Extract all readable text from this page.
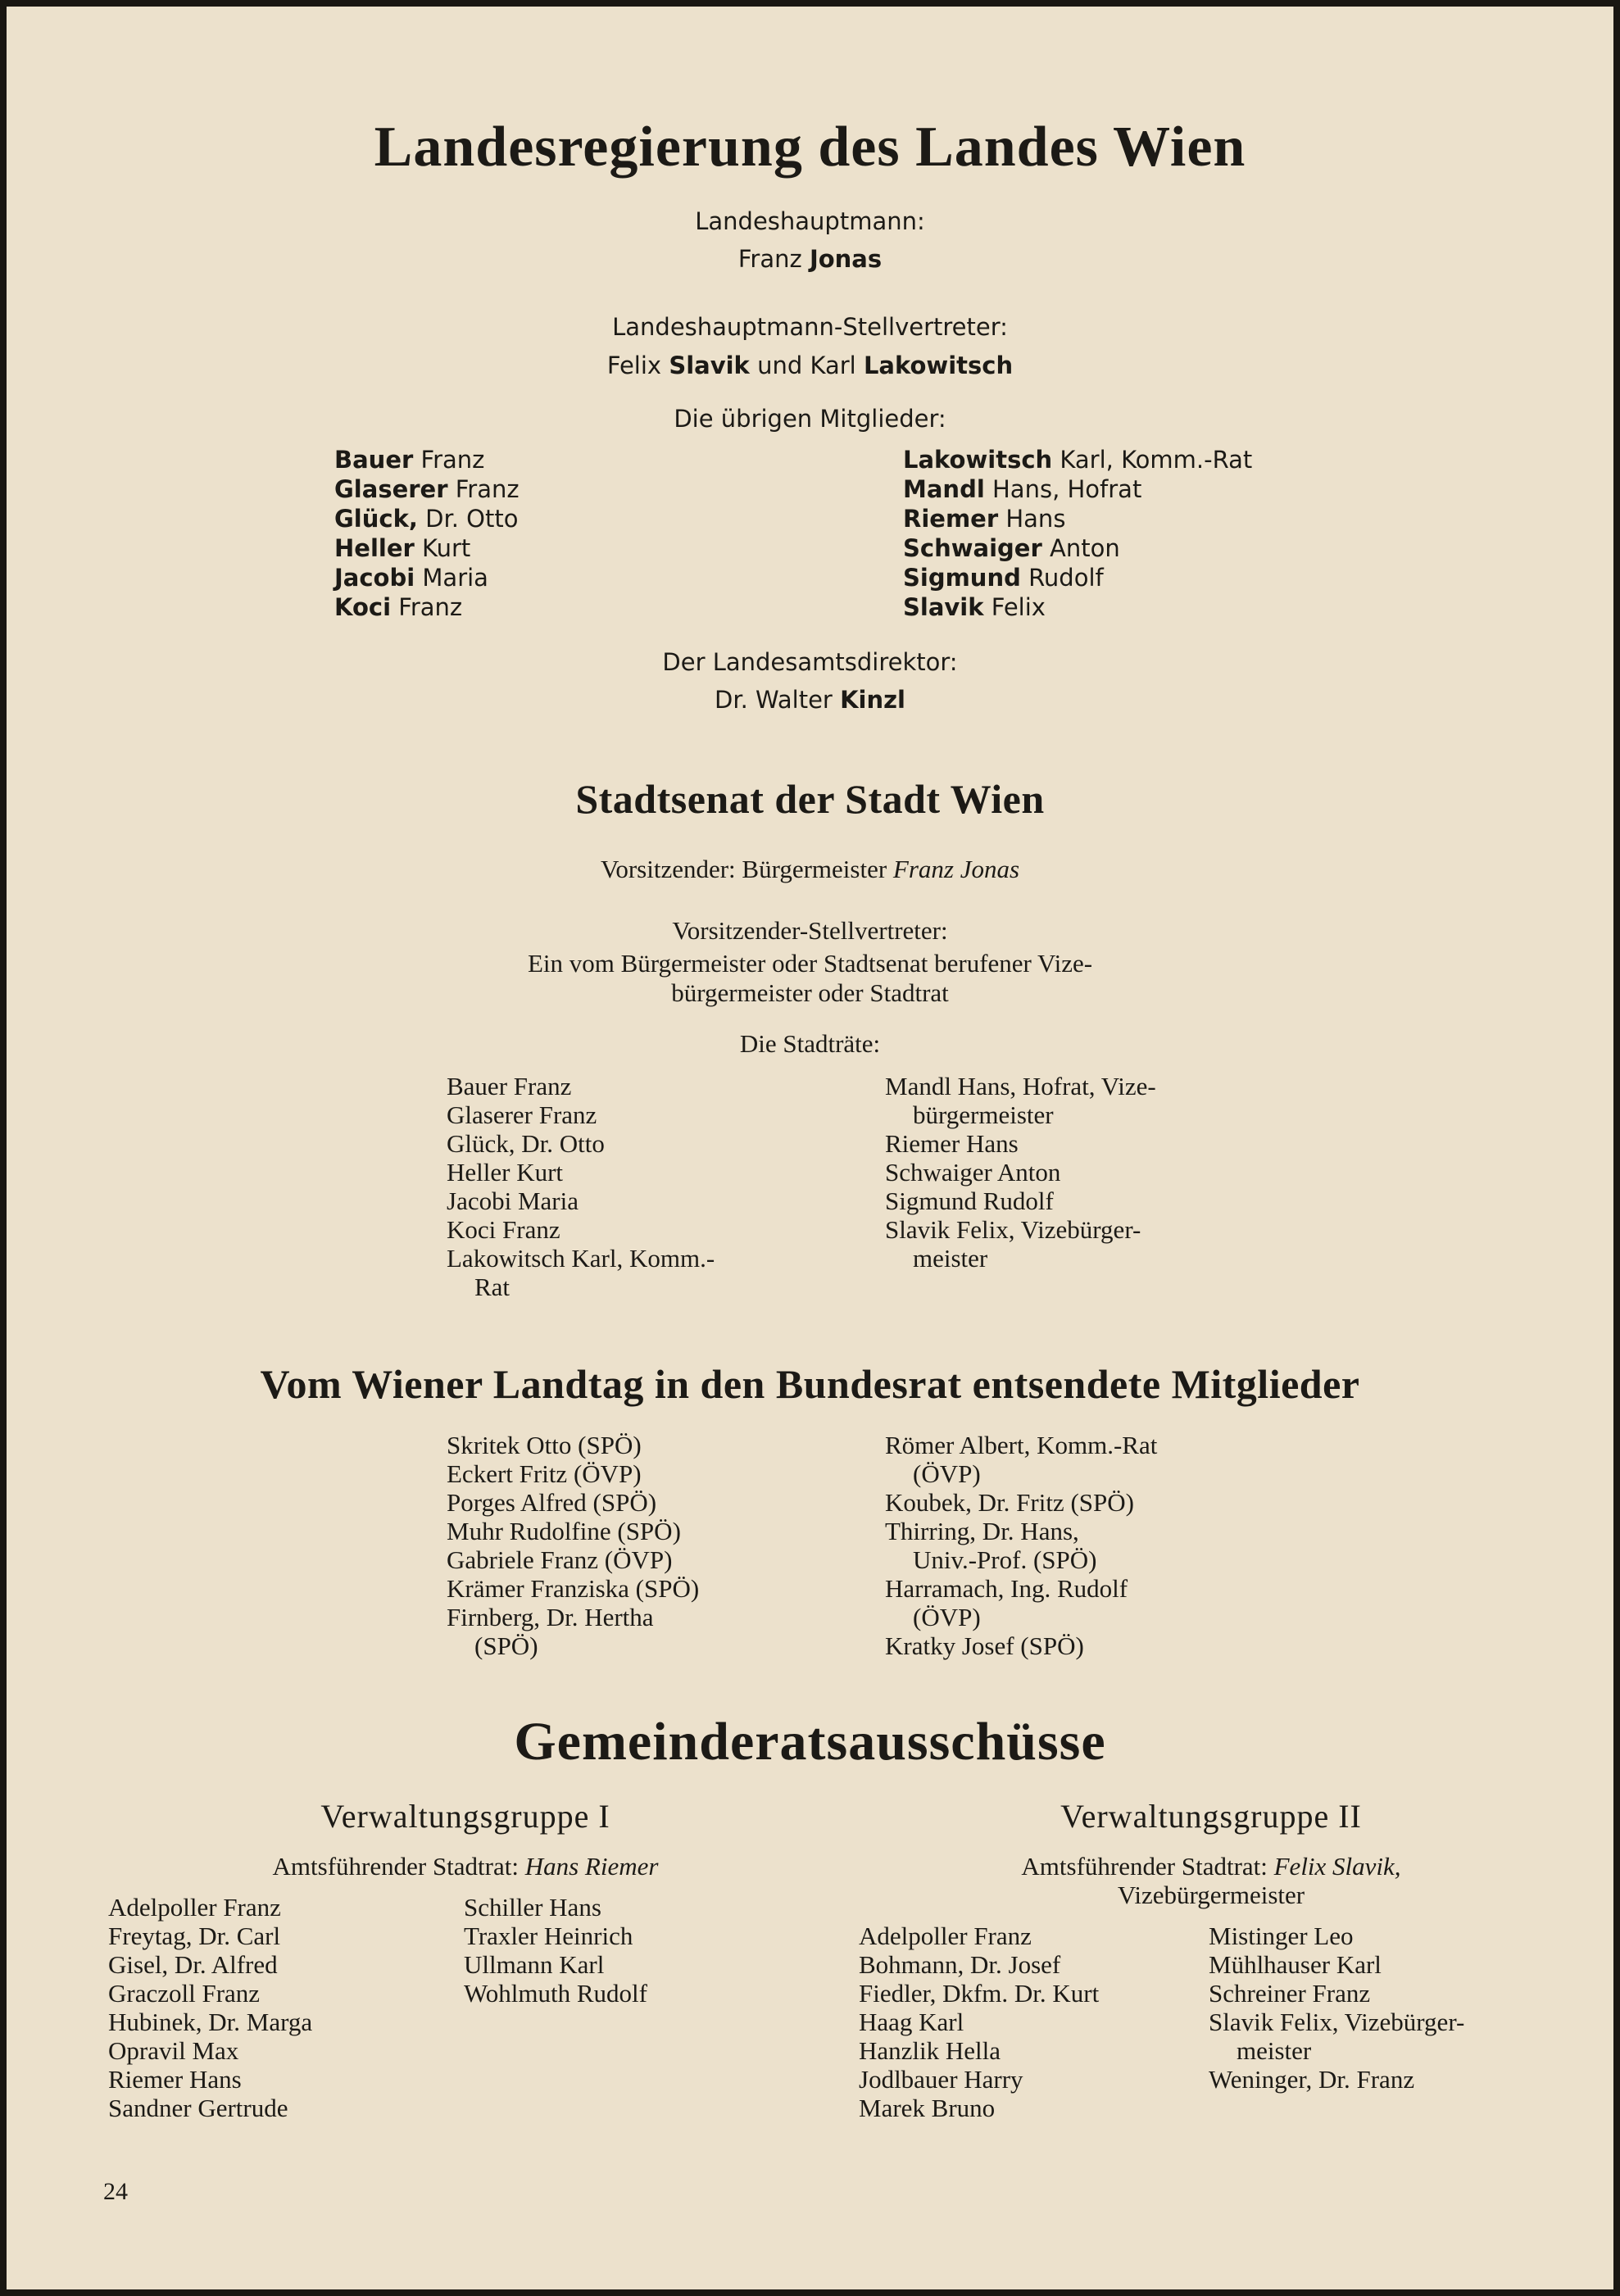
Landesregierung des Landes Wien
Landeshauptmann:
Franz Jonas
Landeshauptmann-Stellvertreter:
Felix Slavik und Karl Lakowitsch
Die übrigen Mitglieder:
Bauer Franz
Glaserer Franz
Glück, Dr. Otto
Heller Kurt
Jacobi Maria
Koci Franz
Lakowitsch Karl, Komm.-Rat
Mandl Hans, Hofrat
Riemer Hans
Schwaiger Anton
Sigmund Rudolf
Slavik Felix
Der Landesamtsdirektor:
Dr. Walter Kinzl
Stadtsenat der Stadt Wien
Vorsitzender: Bürgermeister Franz Jonas
Vorsitzender-Stellvertreter:
Ein vom Bürgermeister oder Stadtsenat berufener Vize-
bürgermeister oder Stadtrat
Die Stadträte:
Bauer Franz
Glaserer Franz
Glück, Dr. Otto
Heller Kurt
Jacobi Maria
Koci Franz
Lakowitsch Karl, Komm.-
Rat
Mandl Hans, Hofrat, Vize-
bürgermeister
Riemer Hans
Schwaiger Anton
Sigmund Rudolf
Slavik Felix, Vizebürger-
meister
Vom Wiener Landtag in den Bundesrat entsendete Mitglieder
Skritek Otto (SPÖ)
Eckert Fritz (ÖVP)
Porges Alfred (SPÖ)
Muhr Rudolfine (SPÖ)
Gabriele Franz (ÖVP)
Krämer Franziska (SPÖ)
Firnberg, Dr. Hertha
(SPÖ)
Römer Albert, Komm.-Rat
(ÖVP)
Koubek, Dr. Fritz (SPÖ)
Thirring, Dr. Hans,
Univ.-Prof. (SPÖ)
Harramach, Ing. Rudolf
(ÖVP)
Kratky Josef (SPÖ)
Gemeinderatsausschüsse
Verwaltungsgruppe I
Amtsführender Stadtrat: Hans Riemer
Adelpoller Franz
Freytag, Dr. Carl
Gisel, Dr. Alfred
Graczoll Franz
Hubinek, Dr. Marga
Opravil Max
Riemer Hans
Sandner Gertrude
Schiller Hans
Traxler Heinrich
Ullmann Karl
Wohlmuth Rudolf
Verwaltungsgruppe II
Amtsführender Stadtrat: Felix Slavik,
Vizebürgermeister
Adelpoller Franz
Bohmann, Dr. Josef
Fiedler, Dkfm. Dr. Kurt
Haag Karl
Hanzlik Hella
Jodlbauer Harry
Marek Bruno
Mistinger Leo
Mühlhauser Karl
Schreiner Franz
Slavik Felix, Vizebürger-
meister
Weninger, Dr. Franz
24
